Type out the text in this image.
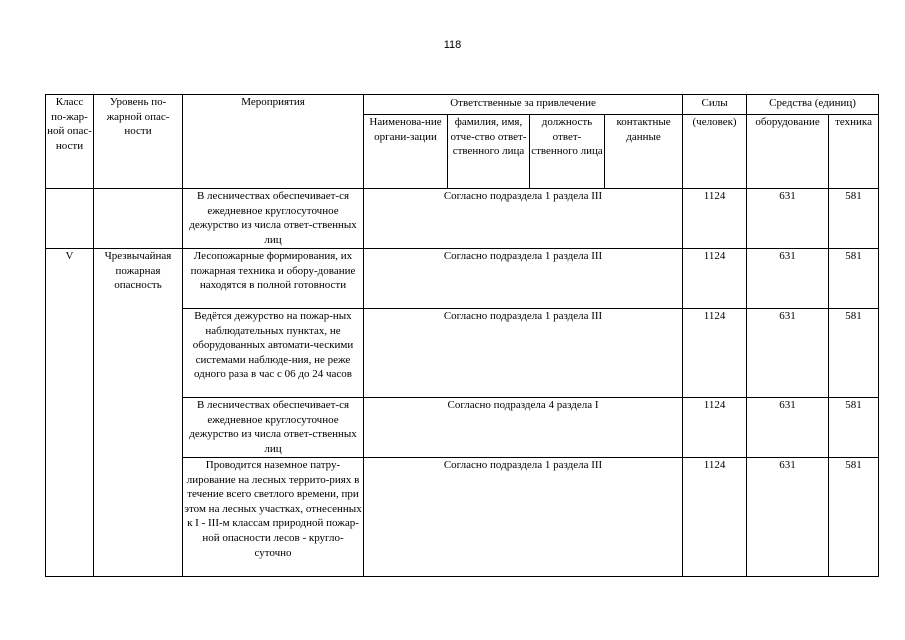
118
Класс по-жар-ной опас-ности	Уровень по-жарной опас-ности	Мероприятия	Ответственные за привлечение				Силы	Средства (единиц)	
			Наименова-ние органи-зации	фамилия, имя, отче-ство ответ-ственного лица	должность ответ-ственного лица	контактные данные	(человек)	оборудование	техника
		В лесничествах обеспечивает-ся ежедневное круглосуточное дежурство из числа ответ-ственных лиц	Согласно подраздела 1 раздела III				1124	631	581
V	Чрезвычайная пожарная опасность	Лесопожарные формирования, их пожарная техника и обору-дование находятся в полной готовности	Согласно подраздела 1 раздела III				1124	631	581
		Ведётся дежурство на пожар-ных наблюдательных пунктах, не оборудованных автомати-ческими системами наблюде-ния, не реже одного раза в час с 06 до 24 часов	Согласно подраздела 1 раздела III				1124	631	581
		В лесничествах обеспечивает-ся ежедневное круглосуточное дежурство из числа ответ-ственных лиц	Согласно подраздела 4 раздела I				1124	631	581
		Проводится наземное патру-лирование на лесных террито-риях в течение всего светлого времени, при этом на лесных участках, отнесенных к I - III-м классам природной пожар-ной опасности лесов - кругло-суточно	Согласно подраздела 1 раздела III				1124	631	581
